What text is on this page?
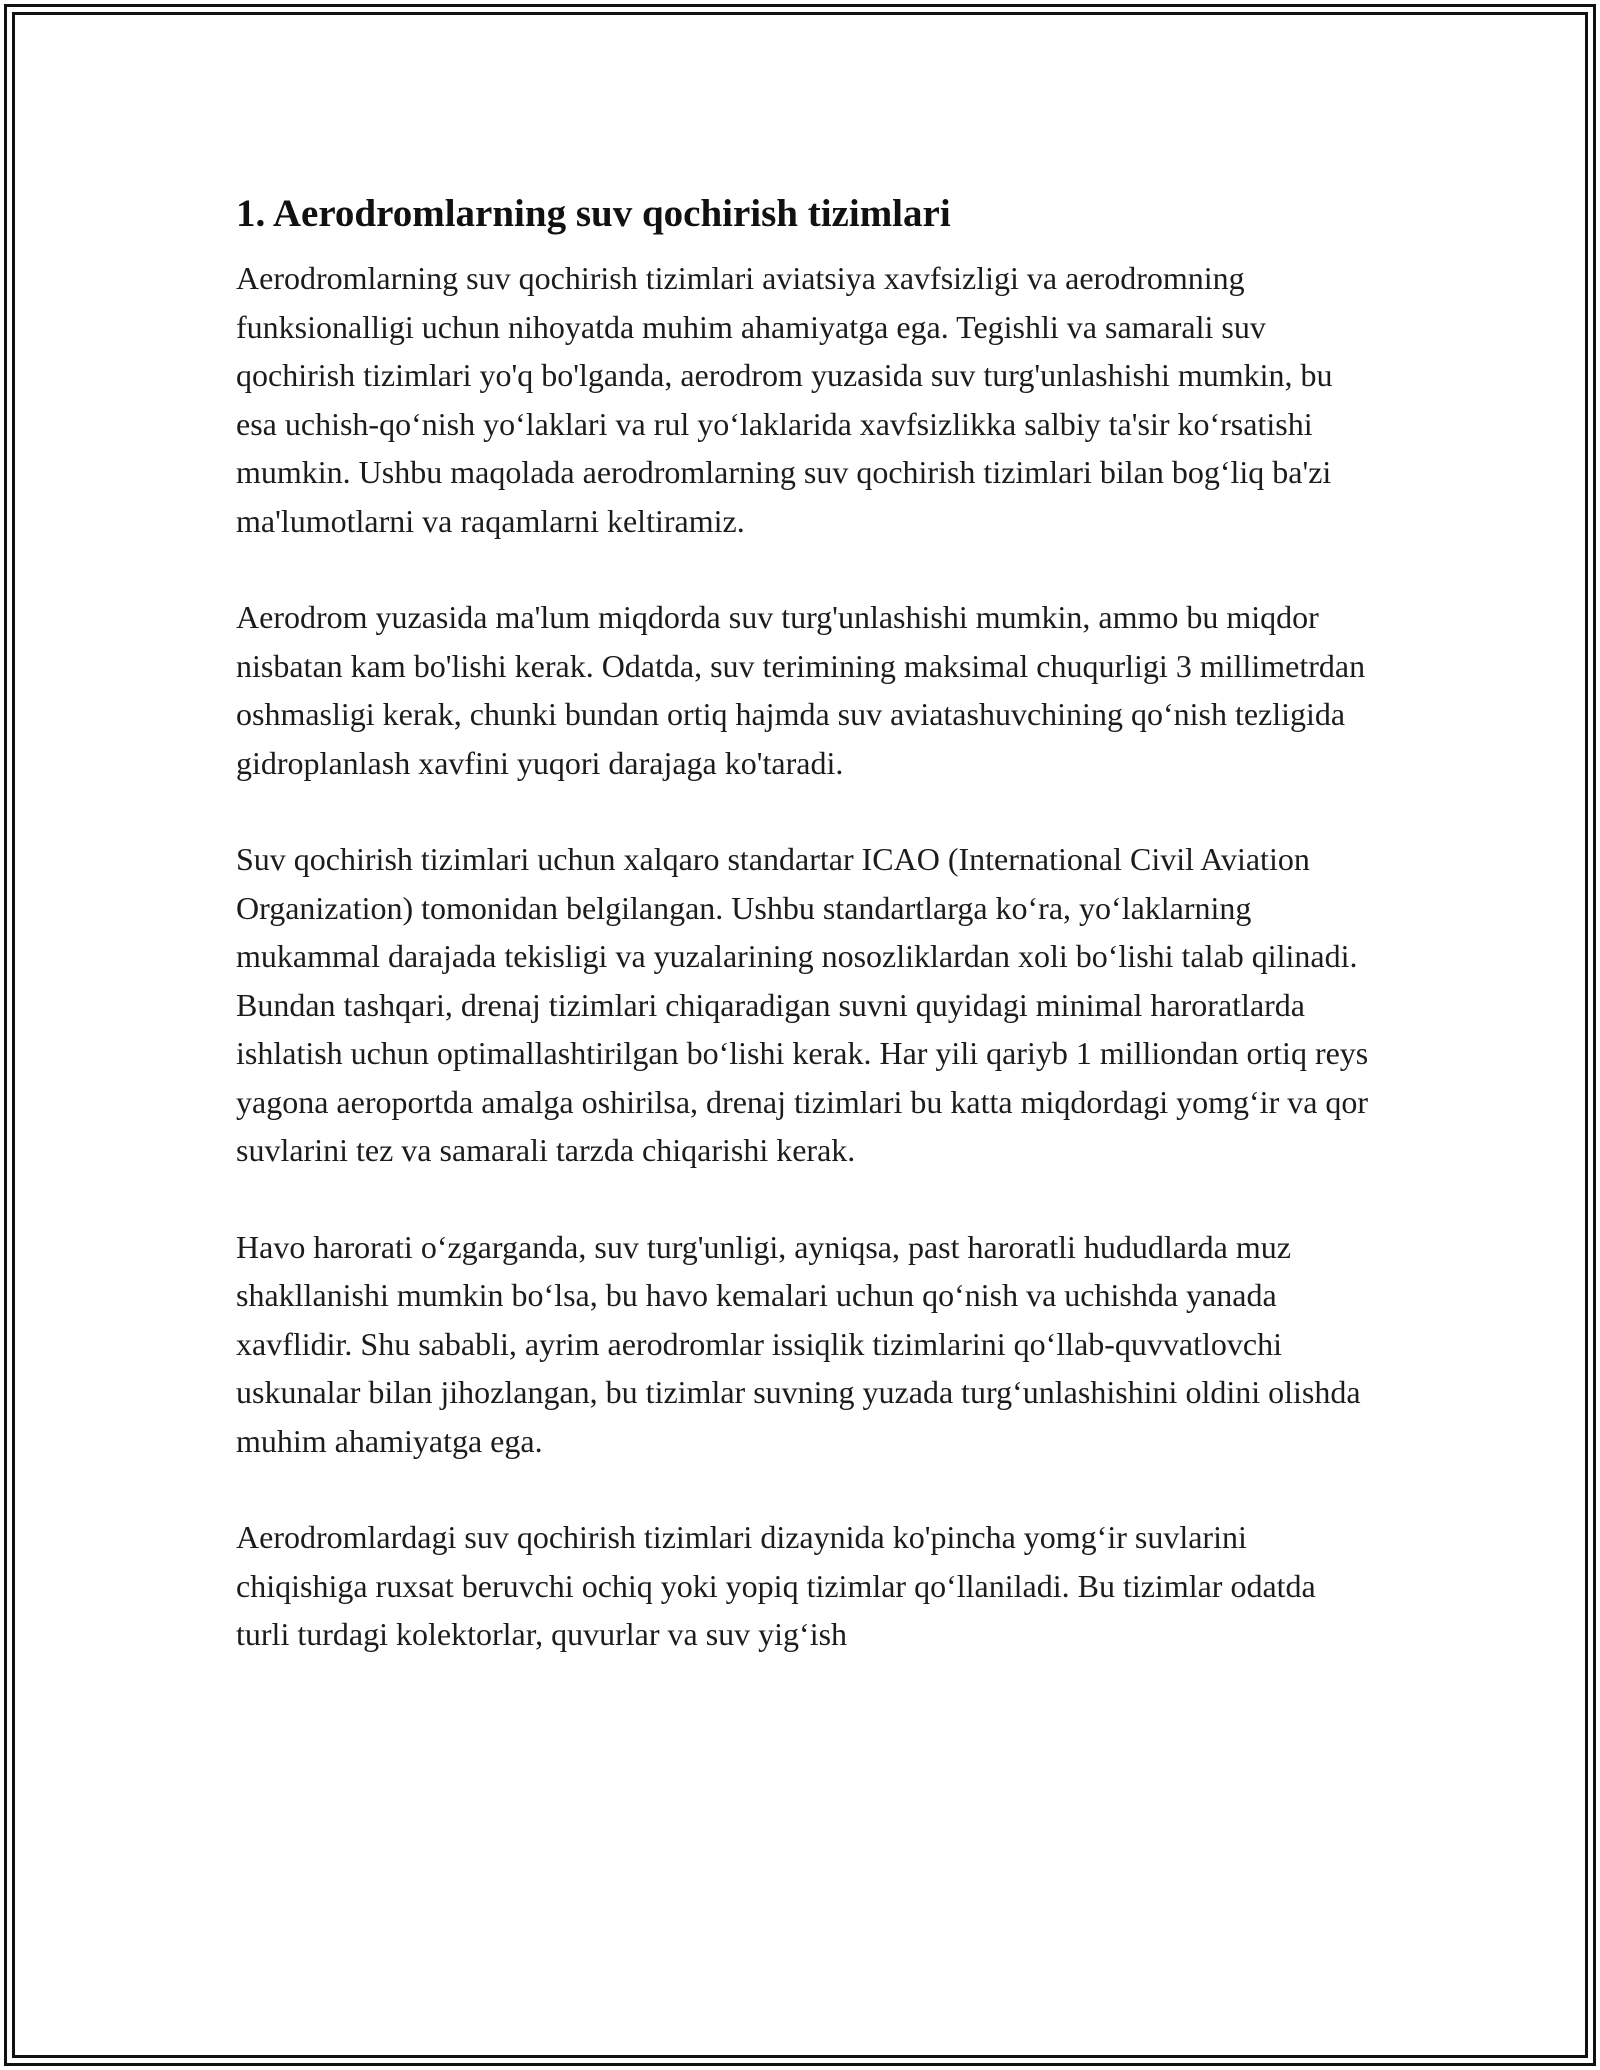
1. Aerodromlarning suv qochirish tizimlari

Aerodromlarning suv qochirish tizimlari aviatsiya xavfsizligi va aerodromning funksionalligi uchun nihoyatda muhim ahamiyatga ega. Tegishli va samarali suv qochirish tizimlari yo'q bo'lganda, aerodrom yuzasida suv turg'unlashishi mumkin, bu esa uchish-qo‘nish yo‘laklari va rul yo‘laklarida xavfsizlikka salbiy ta'sir ko‘rsatishi mumkin. Ushbu maqolada aerodromlarning suv qochirish tizimlari bilan bog‘liq ba'zi ma'lumotlarni va raqamlarni keltiramiz.

Aerodrom yuzasida ma'lum miqdorda suv turg'unlashishi mumkin, ammo bu miqdor nisbatan kam bo'lishi kerak. Odatda, suv terimining maksimal chuqurligi 3 millimetrdan oshmasligi kerak, chunki bundan ortiq hajmda suv aviatashuvchining qo‘nish tezligida gidroplanlash xavfini yuqori darajaga ko'taradi.

Suv qochirish tizimlari uchun xalqaro standartar ICAO (International Civil Aviation Organization) tomonidan belgilangan. Ushbu standartlarga ko‘ra, yo‘laklarning mukammal darajada tekisligi va yuzalarining nosozliklardan xoli bo‘lishi talab qilinadi. Bundan tashqari, drenaj tizimlari chiqaradigan suvni quyidagi minimal haroratlarda ishlatish uchun optimallashtirilgan bo‘lishi kerak. Har yili qariyb 1 milliondan ortiq reys yagona aeroportda amalga oshirilsa, drenaj tizimlari bu katta miqdordagi yomg‘ir va qor suvlarini tez va samarali tarzda chiqarishi kerak.

Havo harorati o‘zgarganda, suv turg'unligi, ayniqsa, past haroratli hududlarda muz shakllanishi mumkin bo‘lsa, bu havo kemalari uchun qo‘nish va uchishda yanada xavflidir. Shu sababli, ayrim aerodromlar issiqlik tizimlarini qo‘llab-quvvatlovchi uskunalar bilan jihozlangan, bu tizimlar suvning yuzada turg‘unlashishini oldini olishda muhim ahamiyatga ega.

Aerodromlardagi suv qochirish tizimlari dizaynida ko'pincha yomg‘ir suvlarini chiqishiga ruxsat beruvchi ochiq yoki yopiq tizimlar qo‘llaniladi. Bu tizimlar odatda turli turdagi kolektorlar, quvurlar va suv yig‘ish
